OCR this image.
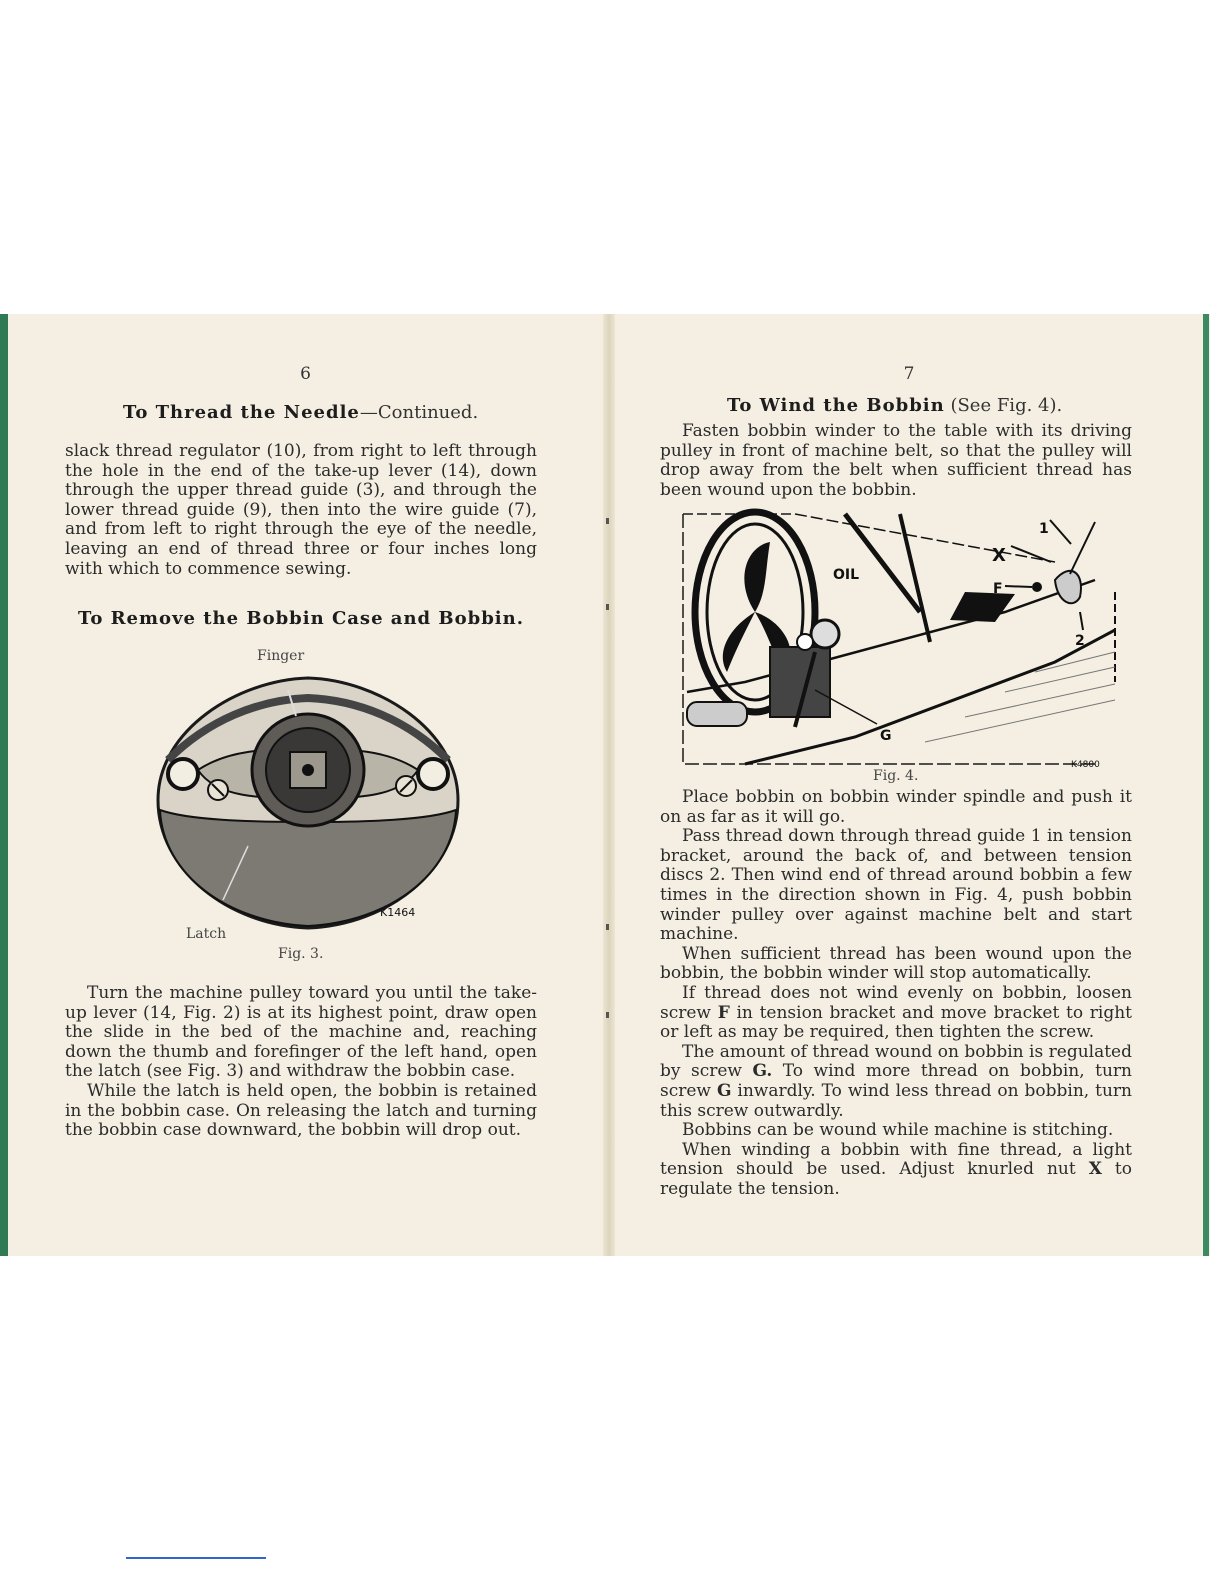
6
To Thread the Needle—Continued.

slack thread regulator (10), from right to left through the hole in the end of the take-up lever (14), down through the upper thread guide (3), and through the lower thread guide (9), then into the wire guide (7), and from left to right through the eye of the needle, leaving an end of thread three or four inches long with which to commence sewing.

To Remove the Bobbin Case and Bobbin.
Finger
K1464
Latch
Fig. 3.

Turn the machine pulley toward you until the take-up lever (14, Fig. 2) is at its highest point, draw open the slide in the bed of the machine and, reaching down the thumb and forefinger of the left hand, open the latch (see Fig. 3) and withdraw the bobbin case.

While the latch is held open, the bobbin is retained in the bobbin case. On releasing the latch and turning the bobbin case downward, the bobbin will drop out.

7
To Wind the Bobbin (See Fig. 4).

Fasten bobbin winder to the table with its driving pulley in front of machine belt, so that the pulley will drop away from the belt when sufficient thread has been wound upon the bobbin.

OIL
X
F
1
2
G
K4800
Fig. 4.

Place bobbin on bobbin winder spindle and push it on as far as it will go.

Pass thread down through thread guide 1 in tension bracket, around the back of, and between tension discs 2. Then wind end of thread around bobbin a few times in the direction shown in Fig. 4, push bobbin winder pulley over against machine belt and start machine.

When sufficient thread has been wound upon the bobbin, the bobbin winder will stop automatically.

If thread does not wind evenly on bobbin, loosen screw F in tension bracket and move bracket to right or left as may be required, then tighten the screw.

The amount of thread wound on bobbin is regulated by screw G. To wind more thread on bobbin, turn screw G inwardly. To wind less thread on bobbin, turn this screw outwardly.

Bobbins can be wound while machine is stitching.

When winding a bobbin with fine thread, a light tension should be used. Adjust knurled nut X to regulate the tension.
